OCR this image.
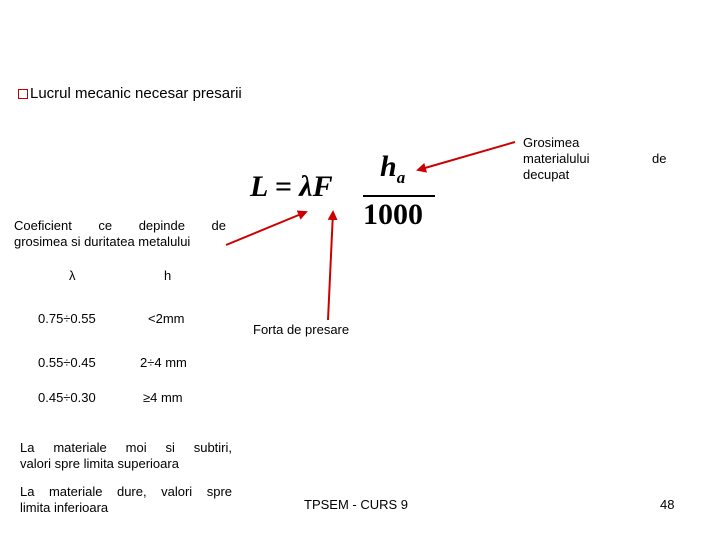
Lucrul mecanic necesar presarii
L = λF
$h_a$
1000
Grosimea
materialului
decupat
de
Coeficient ce depinde de
grosimea si duritatea metalului
λ	h
0.75÷0.55	<2mm
0.55÷0.45	2÷4 mm
0.45÷0.30	≥4 mm
Forta de presare
La materiale moi si subtiri,
valori spre limita superioara
La materiale dure, valori spre
limita inferioara	TPSEM - CURS 9	48
